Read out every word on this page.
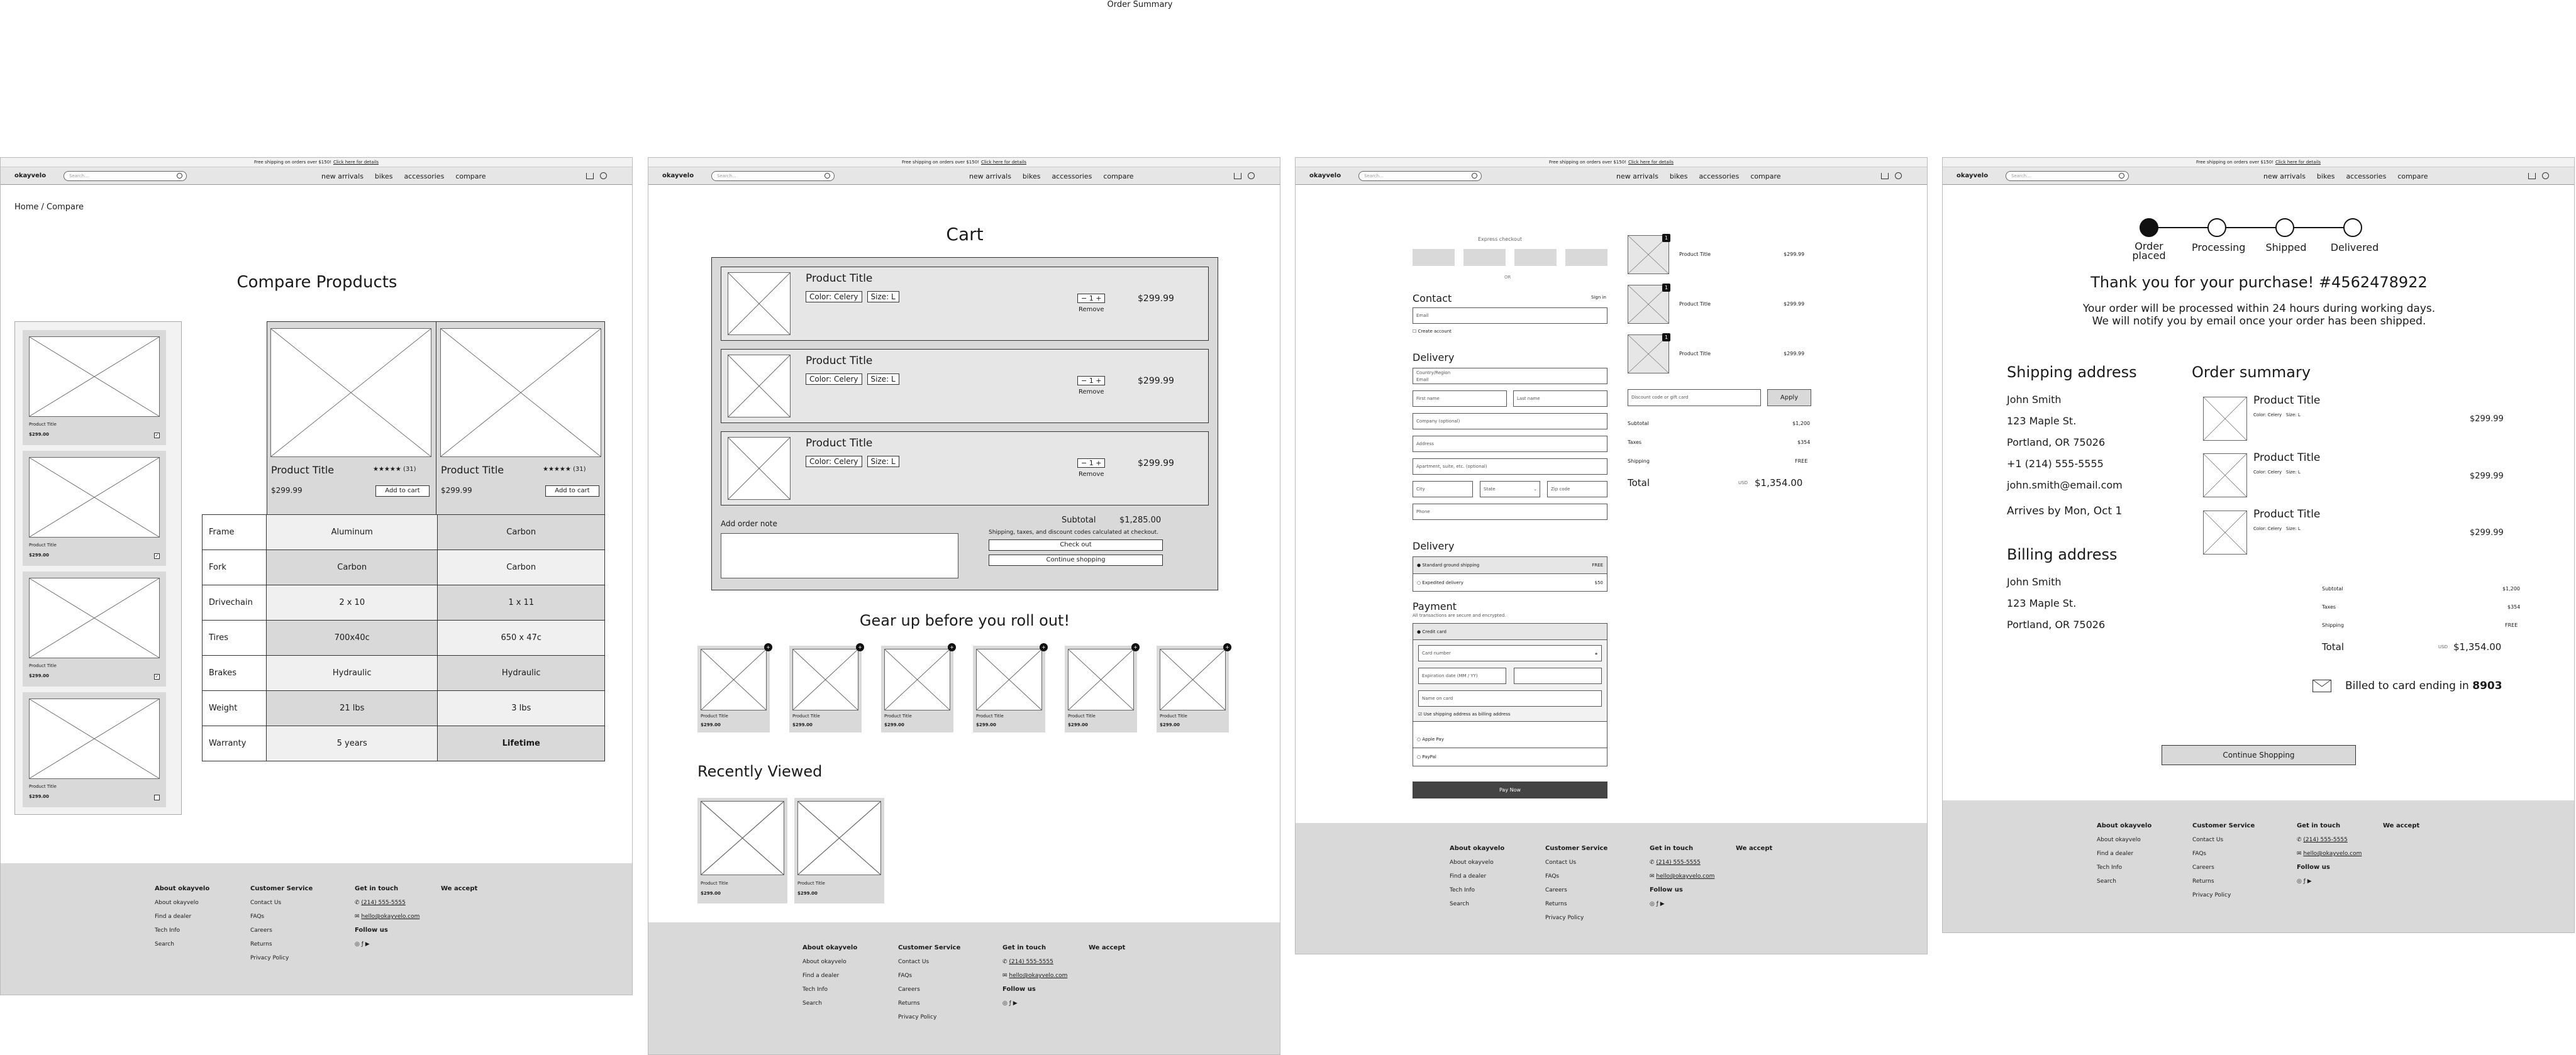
Order Summary
Free shipping on orders over $150! Click here for details
okayvelo	Search...	new arrivals bikes accessories compare
Home / Compare
Compare Propducts
Product Title
$299.00	✓
Product Title
$299.00	✓
Product Title
$299.00	✓
Product Title
$299.00
Product Title	★★★★★ (31)
$299.99	Add to cart
Product Title	★★★★★ (31)
$299.99	Add to cart
Frame	Aluminum	Carbon
Fork	Carbon	Carbon
Drivechain	2 x 10	1 x 11
Tires	700x40c	650 x 47c
Brakes	Hydraulic	Hydraulic
Weight	21 lbs	3 lbs
Warranty	5 years	Lifetime
About okayvelo
About okayvelo
Find a dealer
Tech Info
Search
Customer Service
Contact Us
FAQs
Careers
Returns
Privacy Policy
Get in touch
✆ (214) 555-5555
✉ hello@okayvelo.com
Follow us
◎ ƒ ▶
We accept
Free shipping on orders over $150! Click here for details
okayvelo	Search...	new arrivals bikes accessories compare
Cart
Product Title
Color: Celery Size: L	− 1 +	$299.99
Remove
Product Title
Color: Celery Size: L	− 1 +	$299.99
Remove
Product Title
Color: Celery Size: L	− 1 +	$299.99
Remove
Add order note	Subtotal	$1,285.00
Shipping, taxes, and discount codes calculated at checkout.
Check out
Continue shopping
Gear up before you roll out!
+
Product Title
$299.00
+
Product Title
$299.00
+
Product Title
$299.00
+
Product Title
$299.00
+
Product Title
$299.00
+
Product Title
$299.00
Recently Viewed
Product Title
$299.00
Product Title
$299.00
About okayvelo
About okayvelo
Find a dealer
Tech Info
Search
Customer Service
Contact Us
FAQs
Careers
Returns
Privacy Policy
Get in touch
✆ (214) 555-5555
✉ hello@okayvelo.com
Follow us
◎ ƒ ▶
We accept
Free shipping on orders over $150! Click here for details
okayvelo	Search...	new arrivals bikes accessories compare
Express checkout
OR
Contact	Sign in
Email
☐ Create account
Delivery
Country/Region
Email
First name	Last name
Company (optional)
Address
Apartment, suite, etc. (optional)
City	State	⌄	Zip code
Phone
Delivery
● Standard ground shipping	FREE
○ Expedited delivery	$50
Payment
All transactions are secure and encrypted.
● Credit card
Card number	🔒︎
Expiration date (MM / YY)
Name on card
☑ Use shipping address as billing address
○ Apple Pay
○ PayPal
Pay Now
1
Product Title	$299.99
1
Product Title	$299.99
1
Product Title	$299.99
Discount code or gift card	Apply
Subtotal	$1,200
Taxes	$354
Shipping	FREE
Total	USD $1,354.00
About okayvelo
About okayvelo
Find a dealer
Tech Info
Search
Customer Service
Contact Us
FAQs
Careers
Returns
Privacy Policy
Get in touch
✆ (214) 555-5555
✉ hello@okayvelo.com
Follow us
◎ ƒ ▶
We accept
Free shipping on orders over $150! Click here for details
okayvelo	Search...	new arrivals bikes accessories compare
Order placed
Processing	Shipped	Delivered
Thank you for your purchase! #4562478922
Your order will be processed within 24 hours during working days.
We will notify you by email once your order has been shipped.
Shipping address
John Smith
123 Maple St.
Portland, OR 75026
+1 (214) 555-5555
john.smith@email.com
Arrives by Mon, Oct 1
Billing address
John Smith
123 Maple St.
Portland, OR 75026
Order summary
Product Title
Color: Celery Size: L	$299.99
Product Title
Color: Celery Size: L	$299.99
Product Title
Color: Celery Size: L	$299.99
Subtotal	$1,200
Taxes	$354
Shipping	FREE
Total	USD $1,354.00
Billed to card ending in 8903
Continue Shopping
About okayvelo
About okayvelo
Find a dealer
Tech Info
Search
Customer Service
Contact Us
FAQs
Careers
Returns
Privacy Policy
Get in touch
✆ (214) 555-5555
✉ hello@okayvelo.com
Follow us
◎ ƒ ▶
We accept
